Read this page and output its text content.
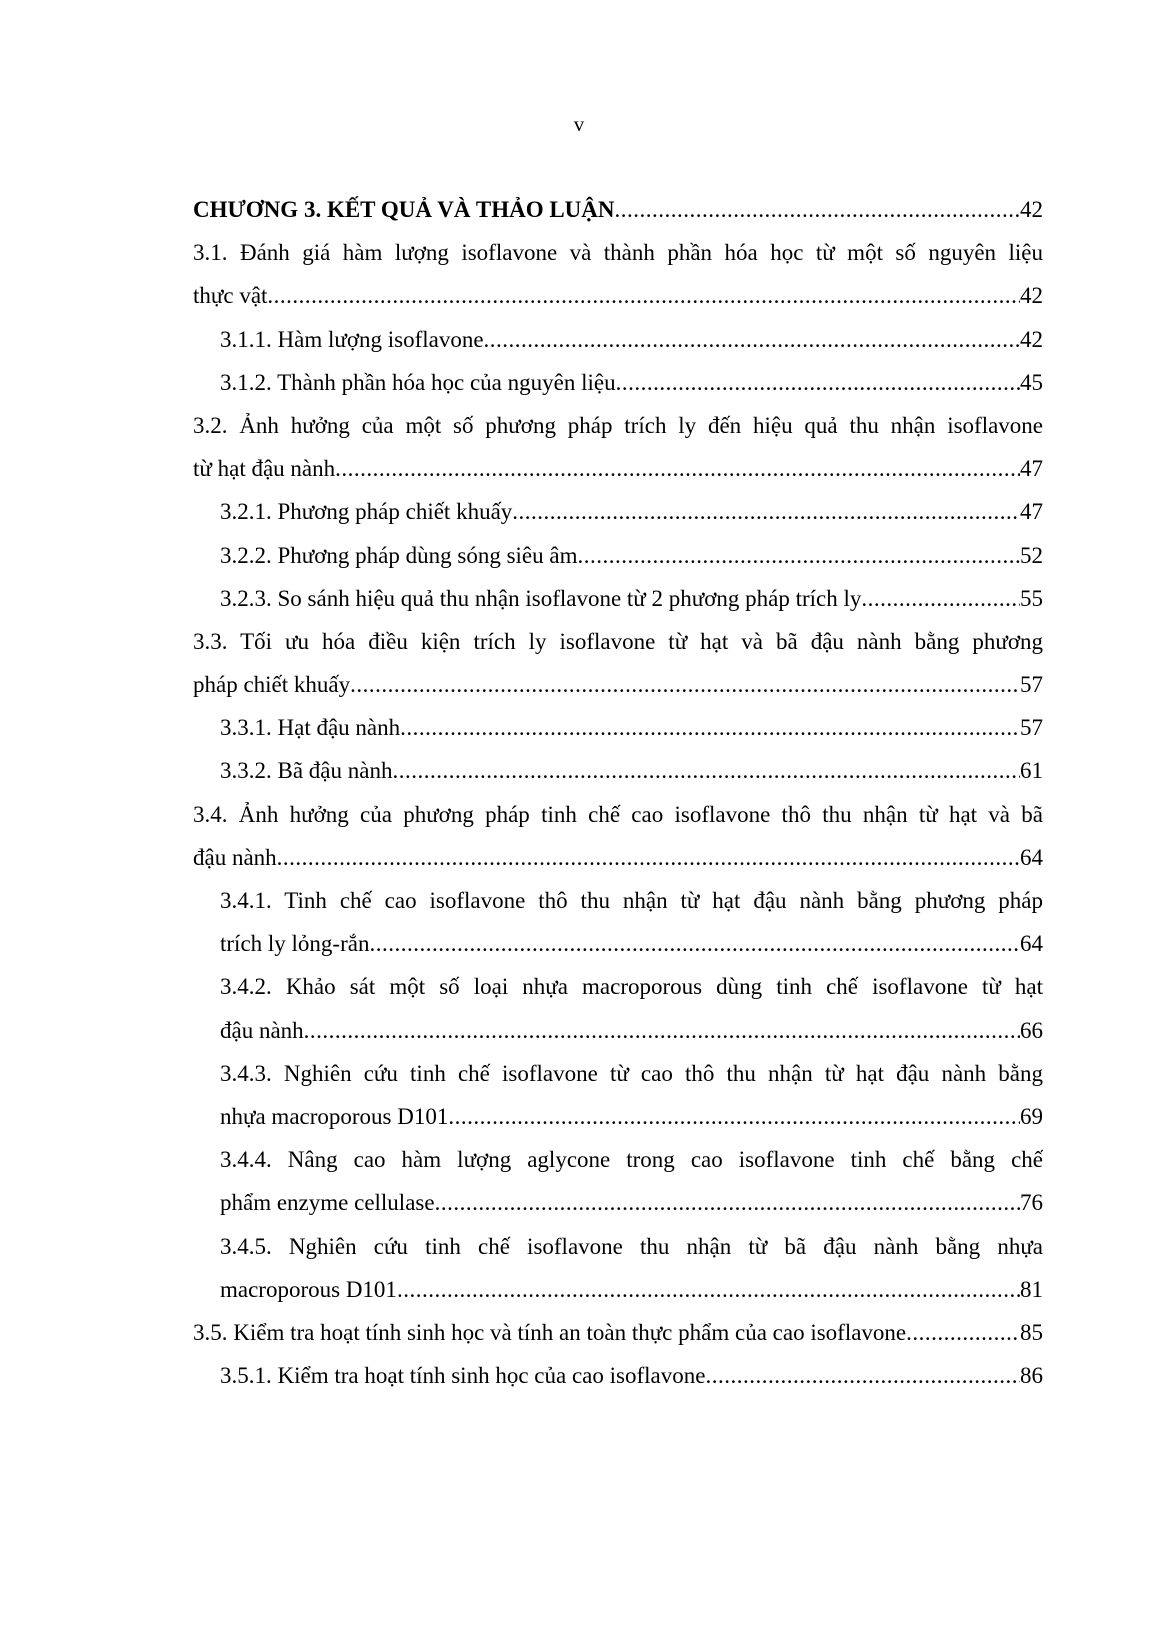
v
CHƯƠNG 3. KẾT QUẢ VÀ THẢO LUẬN .....	42
3.1. Đánh giá hàm lượng isoflavone và thành phần hóa học từ một số nguyên liệu
thực vật .....	42
3.1.1. Hàm lượng isoflavone .....	42
3.1.2. Thành phần hóa học của nguyên liệu .....	45
3.2. Ảnh hưởng của một số phương pháp trích ly đến hiệu quả thu nhận isoflavone
từ hạt đậu nành .....	47
3.2.1. Phương pháp chiết khuấy .....	47
3.2.2. Phương pháp dùng sóng siêu âm .....	52
3.2.3. So sánh hiệu quả thu nhận isoflavone từ 2 phương pháp trích ly .....	55
3.3. Tối ưu hóa điều kiện trích ly isoflavone từ hạt và bã đậu nành bằng phương
pháp chiết khuấy .....	57
3.3.1. Hạt đậu nành .....	57
3.3.2. Bã đậu nành .....	61
3.4. Ảnh hưởng của phương pháp tinh chế cao isoflavone thô thu nhận từ hạt và bã
đậu nành .....	64
3.4.1. Tinh chế cao isoflavone thô thu nhận từ hạt đậu nành bằng phương pháp
trích ly lỏng-rắn .....	64
3.4.2. Khảo sát một số loại nhựa macroporous dùng tinh chế isoflavone từ hạt
đậu nành .....	66
3.4.3. Nghiên cứu tinh chế isoflavone từ cao thô thu nhận từ hạt đậu nành bằng
nhựa macroporous D101 .....	69
3.4.4. Nâng cao hàm lượng aglycone trong cao isoflavone tinh chế bằng chế
phẩm enzyme cellulase .....	76
3.4.5. Nghiên cứu tinh chế isoflavone thu nhận từ bã đậu nành bằng nhựa
macroporous D101 .....	81
3.5. Kiểm tra hoạt tính sinh học và tính an toàn thực phẩm của cao isoflavone .....	85
3.5.1. Kiểm tra hoạt tính sinh học của cao isoflavone .....	86
